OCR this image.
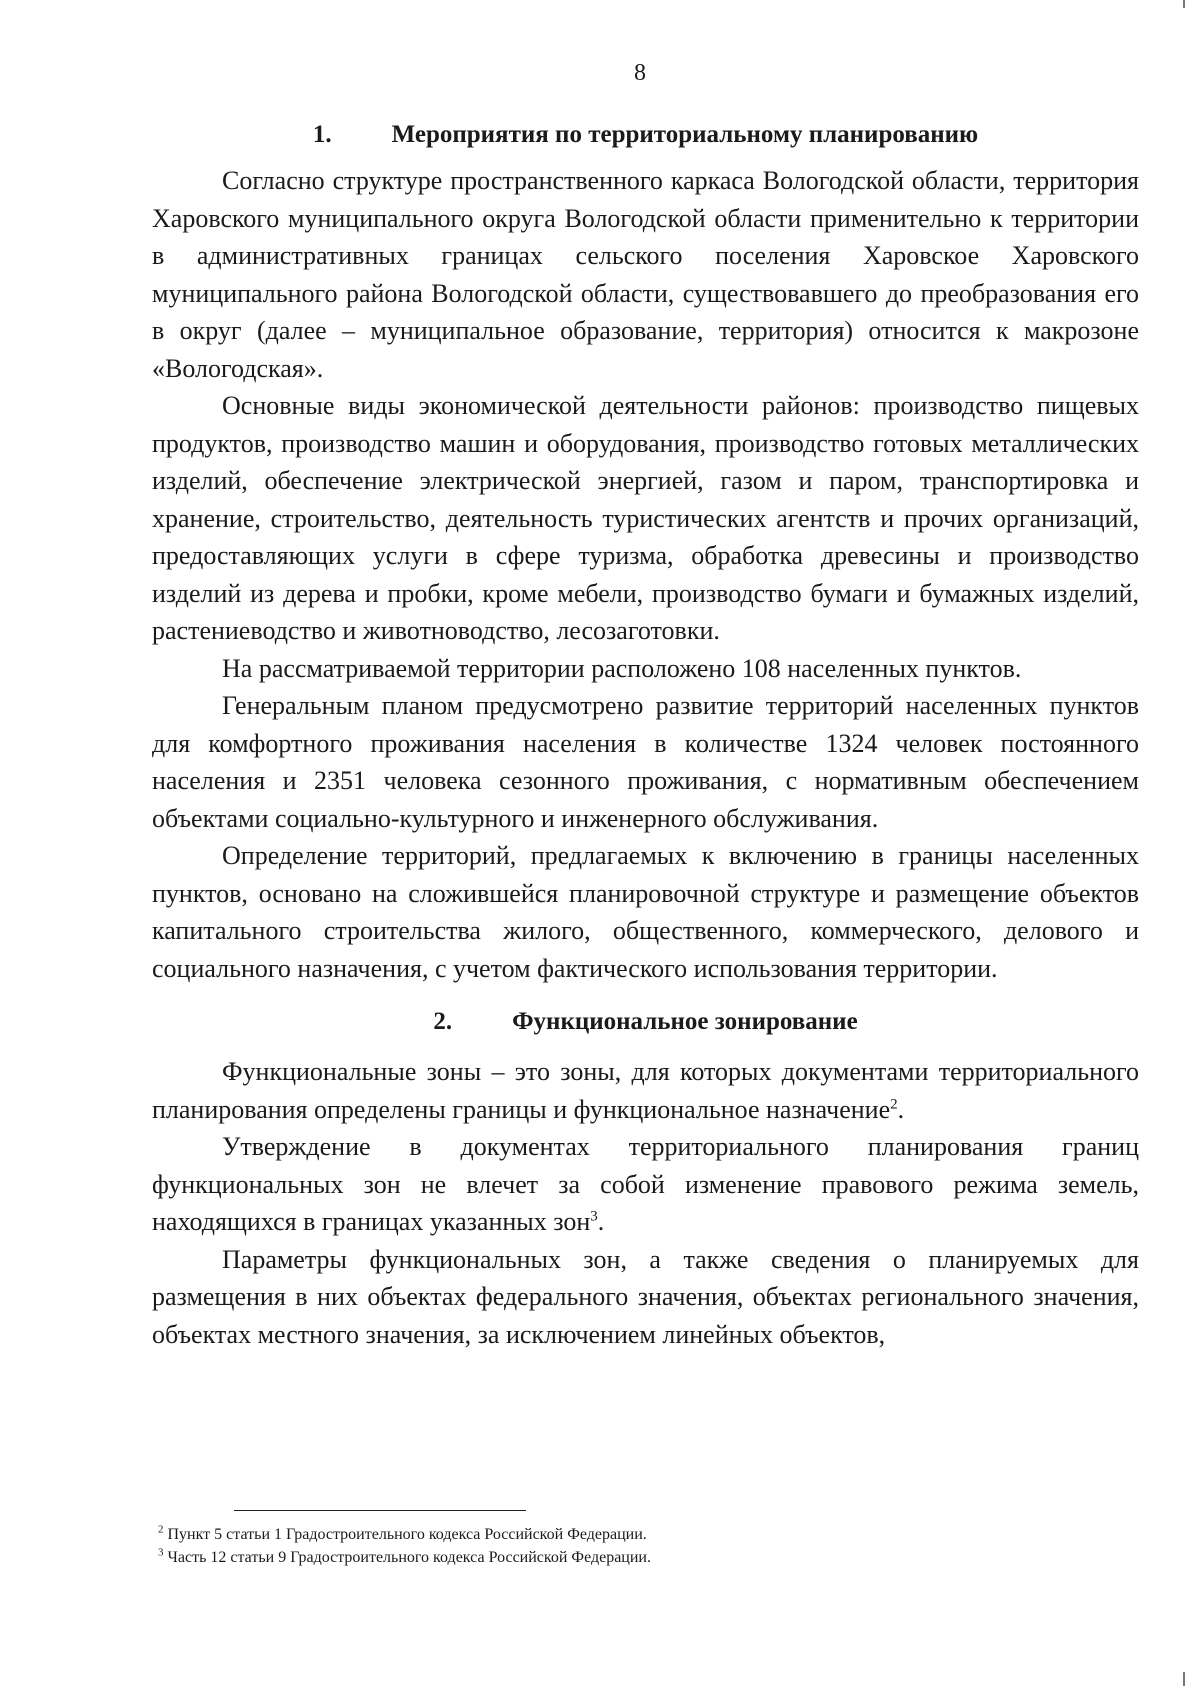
8
1. Мероприятия по территориальному планированию

Согласно структуре пространственного каркаса Вологодской области, территория Харовского муниципального округа Вологодской области применительно к территории в административных границах сельского поселения Харовское Харовского муниципального района Вологодской области, существовавшего до преобразования его в округ (далее – муниципальное образование, территория) относится к макрозоне «Вологодская».

Основные виды экономической деятельности районов: производство пищевых продуктов, производство машин и оборудования, производство готовых металлических изделий, обеспечение электрической энергией, газом и паром, транспортировка и хранение, строительство, деятельность туристических агентств и прочих организаций, предоставляющих услуги в сфере туризма, обработка древесины и производство изделий из дерева и пробки, кроме мебели, производство бумаги и бумажных изделий, растениеводство и животноводство, лесозаготовки.

На рассматриваемой территории расположено 108 населенных пунктов.

Генеральным планом предусмотрено развитие территорий населенных пунктов для комфортного проживания населения в количестве 1324 человек постоянного населения и 2351 человека сезонного проживания, с нормативным обеспечением объектами социально-культурного и инженерного обслуживания.

Определение территорий, предлагаемых к включению в границы населенных пунктов, основано на сложившейся планировочной структуре и размещение объектов капитального строительства жилого, общественного, коммерческого, делового и социального назначения, с учетом фактического использования территории.

2. Функциональное зонирование

Функциональные зоны – это зоны, для которых документами территориального планирования определены границы и функциональное назначение$^2$.

Утверждение в документах территориального планирования границ функциональных зон не влечет за собой изменение правового режима земель, находящихся в границах указанных зон$^3$.

Параметры функциональных зон, а также сведения о планируемых для размещения в них объектах федерального значения, объектах регионального значения, объектах местного значения, за исключением линейных объектов,

$^2$ Пункт 5 статьи 1 Градостроительного кодекса Российской Федерации.
$^3$ Часть 12 статьи 9 Градостроительного кодекса Российской Федерации.
